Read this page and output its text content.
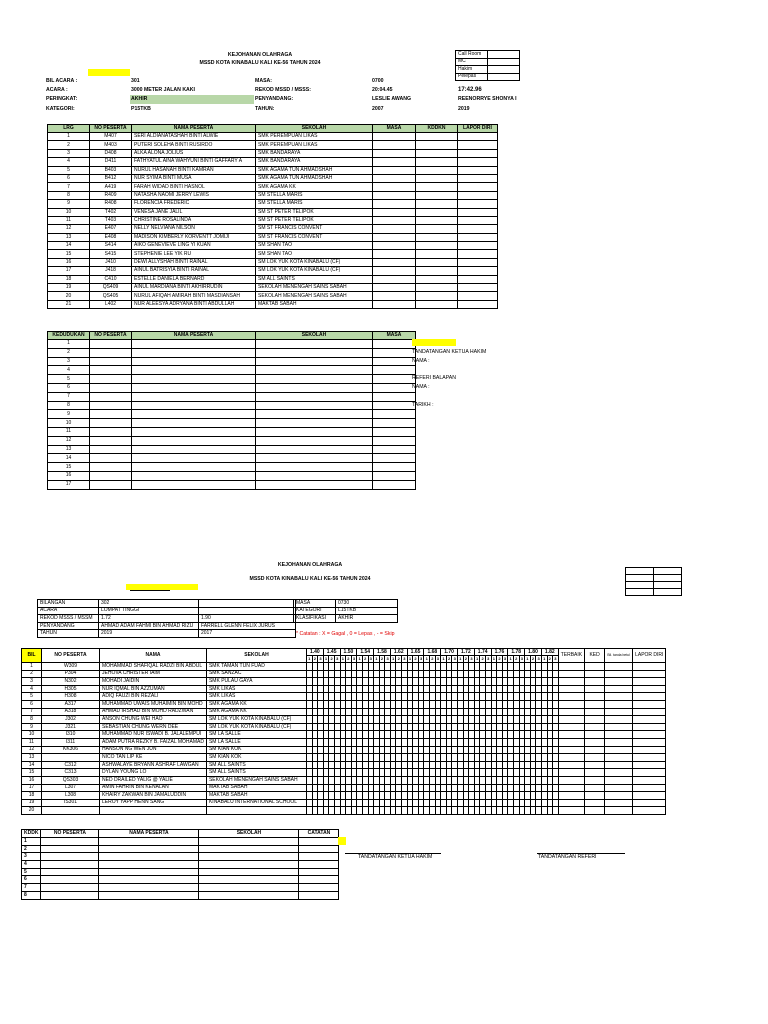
KEJOHANAN OLAHRAGA
MSSD KOTA KINABALU KALI KE-56 TAHUN 2024
Call Room	
MC	
Hakim	
Pelepas	
BIL ACARA :	301	MASA:	0700
ACARA :	3000 METER JALAN KAKI	REKOD MSSD / MSSS:	20:04.45	17:42.96
PERINGKAT:	AKHIR	PENYANDANG:	LESLIE AWANG	REENORRYE SHONYA I
KATEGORI:	P15TKB	TAHUN:	2007	2019
LRG	NO PESERTA	NAMA PESERTA	SEKOLAH	MASA	KDDKN	LAPOR DIRI
1	M407	SERI ALDIANATASHAH BINTI ALWIE	SMK PEREMPUAN LIKAS			
2	M403	PUTERI SOLEHA BINTI RUSIRDO	SMK PEREMPUAN LIKAS			
3	D408	ALKA ALONA JOLIUS	SMK BANDARAYA			
4	D411	FATHYATUL AINA WAHYUNI BINTI GAFFARY A	SMK BANDARAYA			
5	B403	NURUL HASANAH BINTI KAMRAN	SMK AGAMA TUN AHMADSHAH			
6	B412	NUR SYIMA BINTI MUSA	SMK AGAMA TUN AHMADSHAH			
7	A419	FARAH WIDAD BINTI HASNOL	SMK AGAMA KK			
8	R409	NATASHA NAOMI JERRY LEWIS	SM STELLA MARIS			
9	R408	FLORENCIA FREDERIC	SM STELLA MARIS			
10	T402	VENESA JANE JALIL	SM ST PETER TELIPOK			
11	T403	CHRISTINE ROSALINDA	SM ST PETER TELIPOK			
12	E407	NELLY NELVIANA NILSON	SM ST FRANCIS CONVENT			
13	E408	MADISON KIMBERLY KORVENTT JOMIJI	SM ST FRANCIS CONVENT			
14	S414	AIKO GENEVIEVE LING YI KUAN	SM SHAN TAO			
15	S415	STEPHENIE LEE YIK RU	SM SHAN TAO			
16	J410	DEWI ALLYSHAH BINTI RAINAL	SM LOK YUK KOTA KINABALU (CF)			
17	J418	AINUL BATRISYIA BINTI RAINAL	SM LOK YUK KOTA KINABALU (CF)			
18	C410	ESTELLE DANIELA BERNARD	SM ALL SAINTS			
19	QS409	AINUL MARDIANA BINTI AKHIRRUDIN	SEKOLAH MENENGAH SAINS SABAH			
20	QS405	NURUL AFIQAH AMIRAH BINTI MASDIANSAH	SEKOLAH MENENGAH SAINS SABAH			
21	L402	NUR ALEESYA ADRYANA BINTI ABDULLAH	MAKTAB SABAH			
KEDUDUKAN	NO PESERTA	NAMA PESERTA	SEKOLAH	MASA
1				
2				
3				
4				
5				
6				
7				
8				
9				
10				
11				
12				
13				
14				
15				
16				
17				
TANDATANGAN KETUA HAKIM
NAMA :
REFERI BALAPAN
NAMA :
TARIKH :
KEJOHANAN OLAHRAGA
MSSD KOTA KINABALU KALI KE-56 TAHUN 2024

BILANGAN	302	
ACARA	LOMPAT TINGGI	
REKOD MSSS / MSSM	1.72	1.90
PENYANDANG	AHMAD ADAM FAHMI BIN AHMAD RIZU	FARRELL GLENN FELIX JURUS
TAHUN	2019	2017
MASA	0730
KATEGORI	L15TKB
KLASIFIKASI	AKHIR
* Catatan : X = Gagal , 0 = Lepas , - = Skip
BIL	NO PESERTA	NAMA	SEKOLAH	1.40			1.45			1.50			1.54			1.58			1.62			1.65			1.68			1.70			1.72			1.74			1.76			1.78			1.80			1.82			TERBAIK	KED	Bil. tanda betul	LAPOR DIRI
				1	2	3	1	2	3	1	2	3	1	2	3	1	2	3	1	2	3	1	2	3	1	2	3	1	2	3	1	2	3	1	2	3	1	2	3	1	2	3	1	2	3	1	2	3				
1	W309	MOHAMMAD SHAFIQAL RADZI BIN ABDUL	SMK TAMAN TUN FUAD																																																	
2	P304	JEHOVA CHRISTER IAIM	SMK SANZAC																																																	
3	N302	MOHADI JAIDIN	SMK PULAU GAYA																																																	
4	H305	NUR IQMAL BIN AZZUMAN	SMK LIKAS																																																	
5	H308	ADIQ FAUZI BIN REZALI	SMK LIKAS																																																	
6	A317	MUHAMMAD UWAIS MUHAIMIN BIN MOHD	SMK AGAMA KK																																																	
7	A318	AHMAD IRSHAD BIN MOHD RADZWAN	SMK AGAMA KK																																																	
8	J302	ANSON CHUNG WEI HAO	SM LOK YUK KOTA KINABALU (CF)																																																	
9	J321	SEBASTIAN CHUNG WERN DEE	SM LOK YUK KOTA KINABALU (CF)																																																	
10	I310	MUHAMMAD NUR ISWADI B. JALALEMPUI	SM LA SALLE																																																	
11	I311	ADAM PUTRA REZKY B. FAIZAL MOHAMAD	SM LA SALLE																																																	
12	KK306	HANSON NG WEN JUN	SM KIAN KOK																																																	
13		NICO TAN LIP KE	SM KIAN KOK																																																	
14	C312	ASHWALAYE BRYANN ASHRAF LAWGAN	SM ALL SAINTS																																																	
15	C313	DYLAN YOUNG LO	SM ALL SAINTS																																																	
16	QS303	NED DRAILED YALIG @ YALIE	SEKOLAH MENENGAH SAINS SABAH																																																	
17	L307	AMIN FAHRIN BIN KENALAN	MAKTAB SABAH																																																	
18	L308	KHAIRY ZAKWAN BIN JAMALUDDIN	MAKTAB SABAH																																																	
19	IS301	LEROY YAPP HENN SANG	KINABALU INTERNATIONAL SCHOOL																																																	
20																																																				
KDDK	NO PESERTA	NAMA PESERTA	SEKOLAH	CATATAN
1				
2				
3				
4				
5				
6				
7				
8				
TANDATANGAN KETUA HAKIM	TANDATANGAN REFERI
